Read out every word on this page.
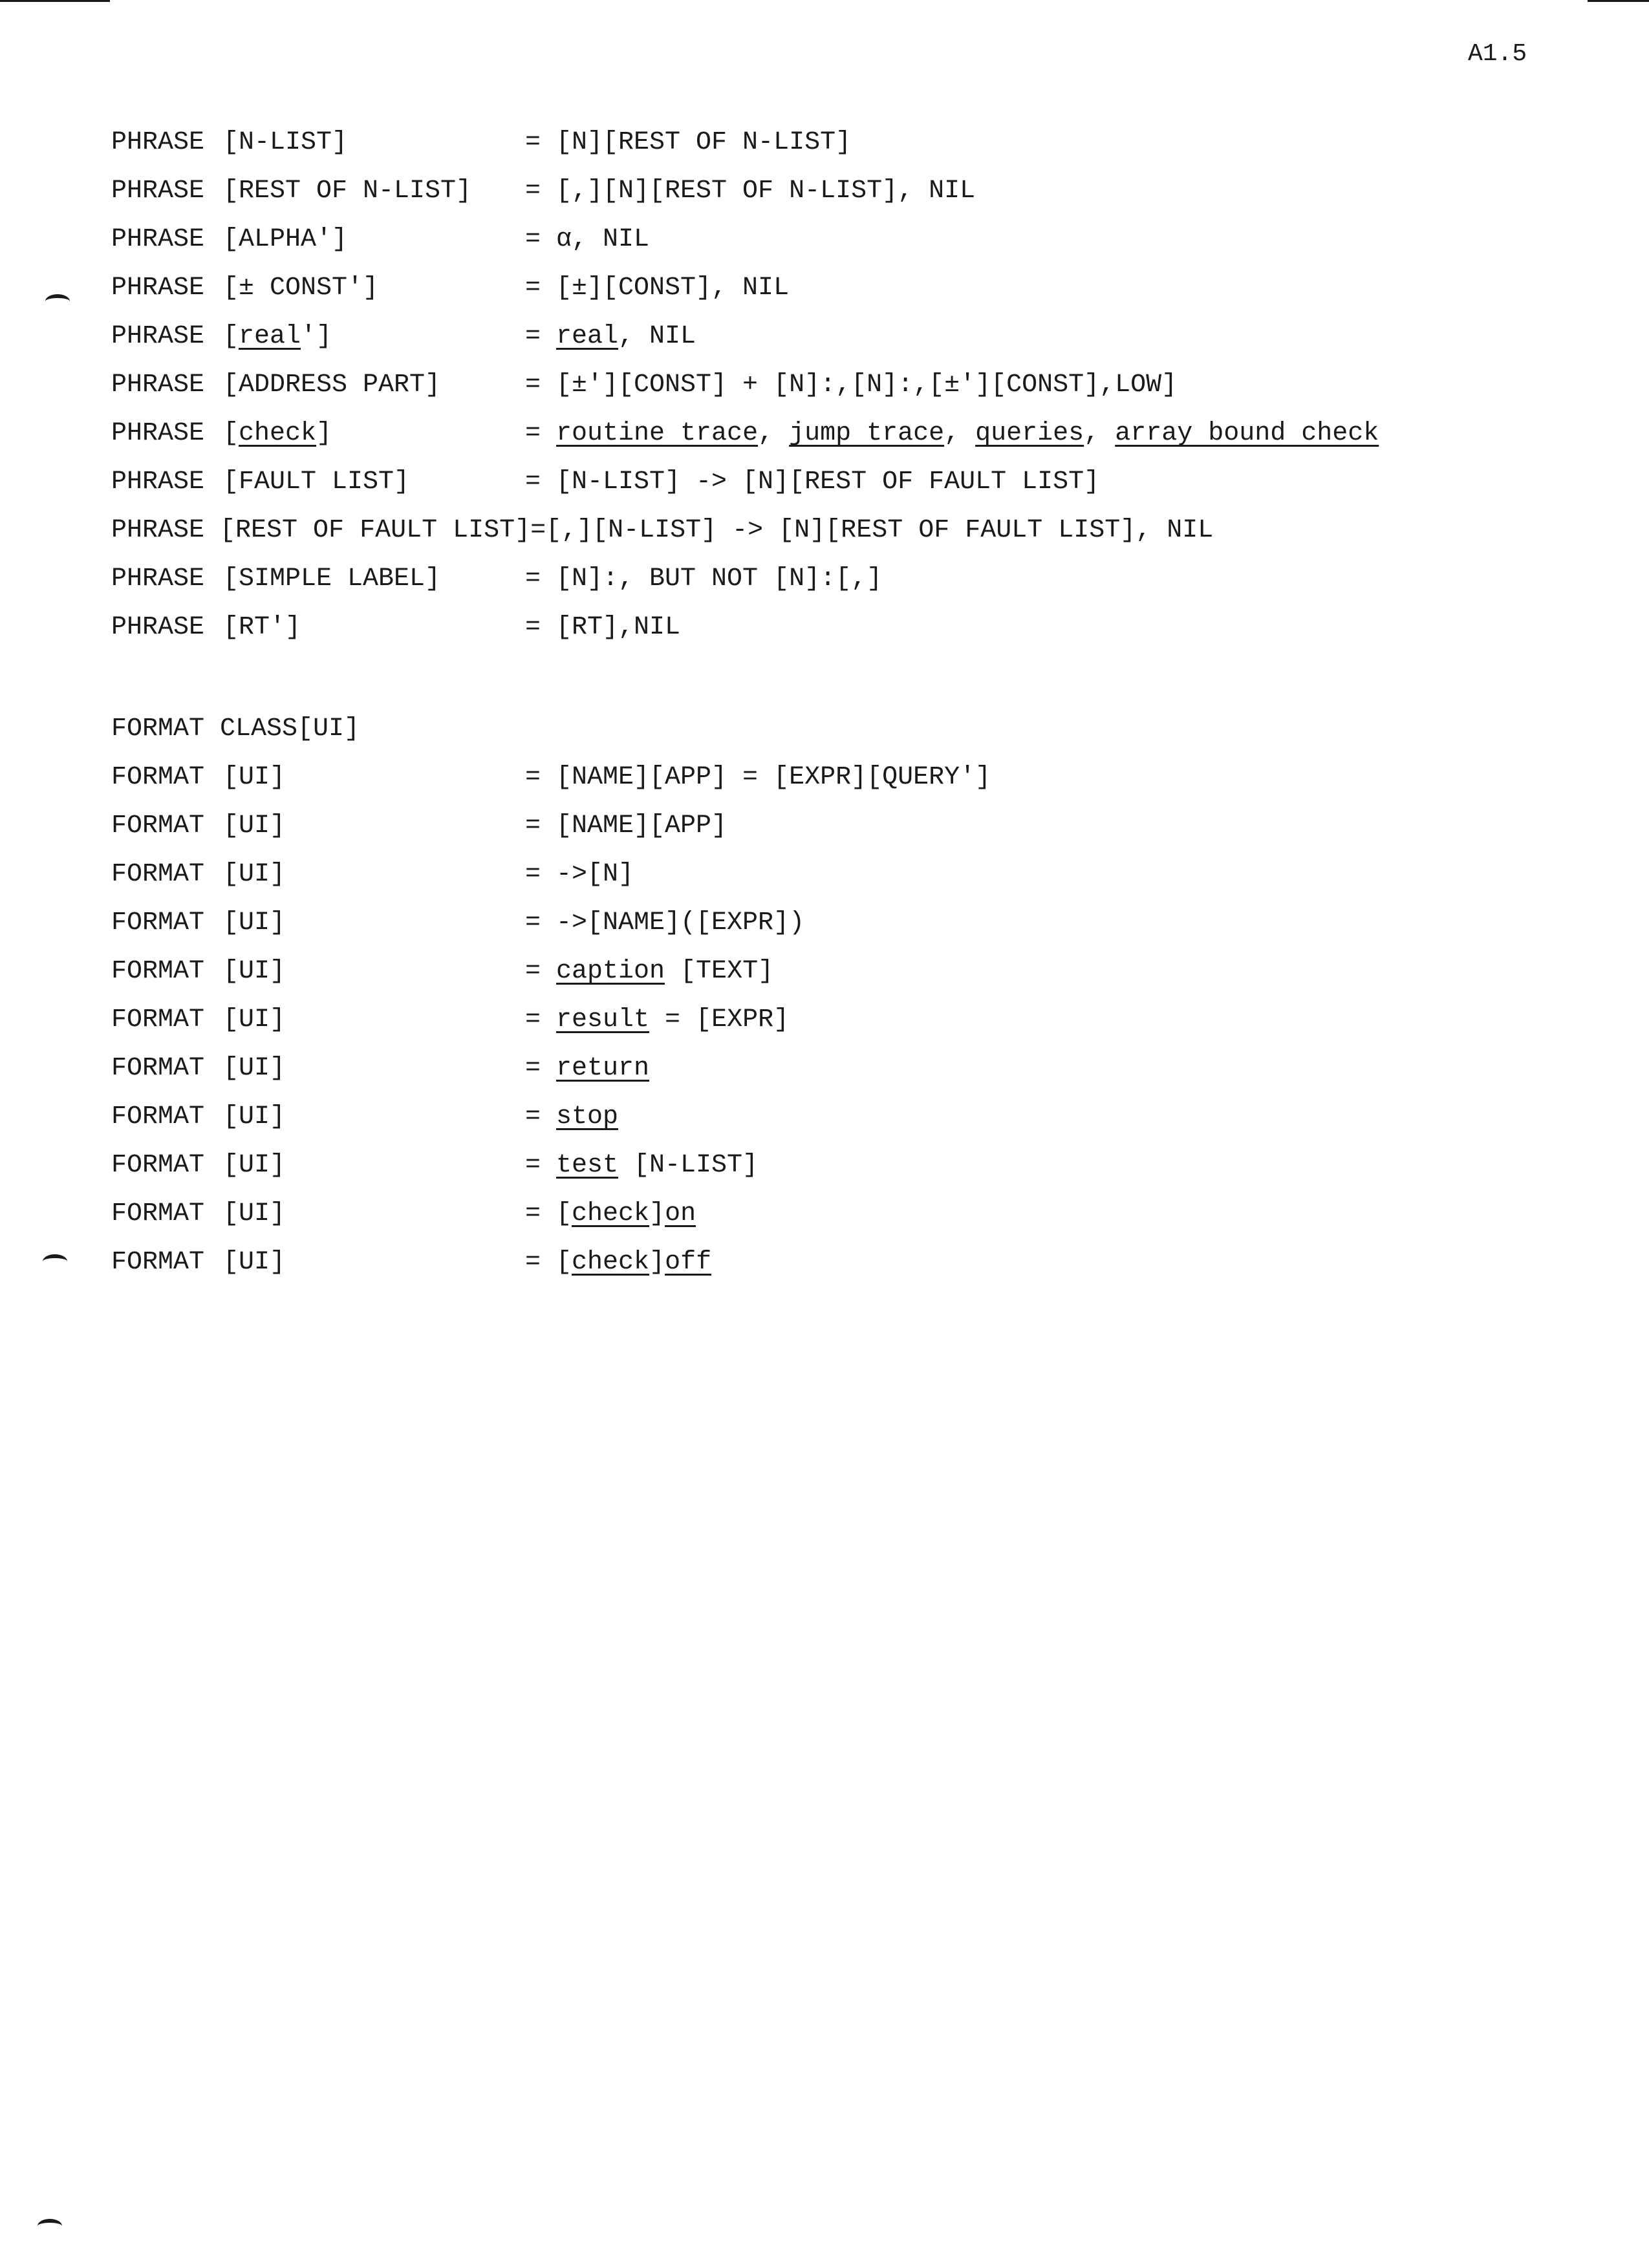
A1.5
PHRASE [N-LIST]	= [N][REST OF N-LIST]
PHRASE [REST OF N-LIST] = [,][N][REST OF N-LIST], NIL
PHRASE [ALPHA']	= α, NIL
PHRASE [± CONST']	= [±][CONST], NIL
PHRASE [real']	= real, NIL
PHRASE [ADDRESS PART]	= [±'][CONST] + [N]:,[N]:,[±'][CONST],LOW]
PHRASE [check]	= routine trace, jump trace, queries, array bound check
PHRASE [FAULT LIST]	= [N-LIST] -> [N][REST OF FAULT LIST]
PHRASE [REST OF FAULT LIST]=[,][N-LIST] -> [N][REST OF FAULT LIST], NIL
PHRASE [SIMPLE LABEL]	= [N]:, BUT NOT [N]:[,]
PHRASE [RT']	= [RT],NIL

FORMAT CLASS[UI]

FORMAT [UI]	= [NAME][APP] = [EXPR][QUERY']
FORMAT [UI]	= [NAME][APP]
FORMAT [UI]	= ->[N]
FORMAT [UI]	= ->[NAME]([EXPR])
FORMAT [UI]	= caption [TEXT]
FORMAT [UI]	= result = [EXPR]
FORMAT [UI]	= return
FORMAT [UI]	= stop
FORMAT [UI]	= test [N-LIST]
FORMAT [UI]	= [check]on
FORMAT [UI]	= [check]off
